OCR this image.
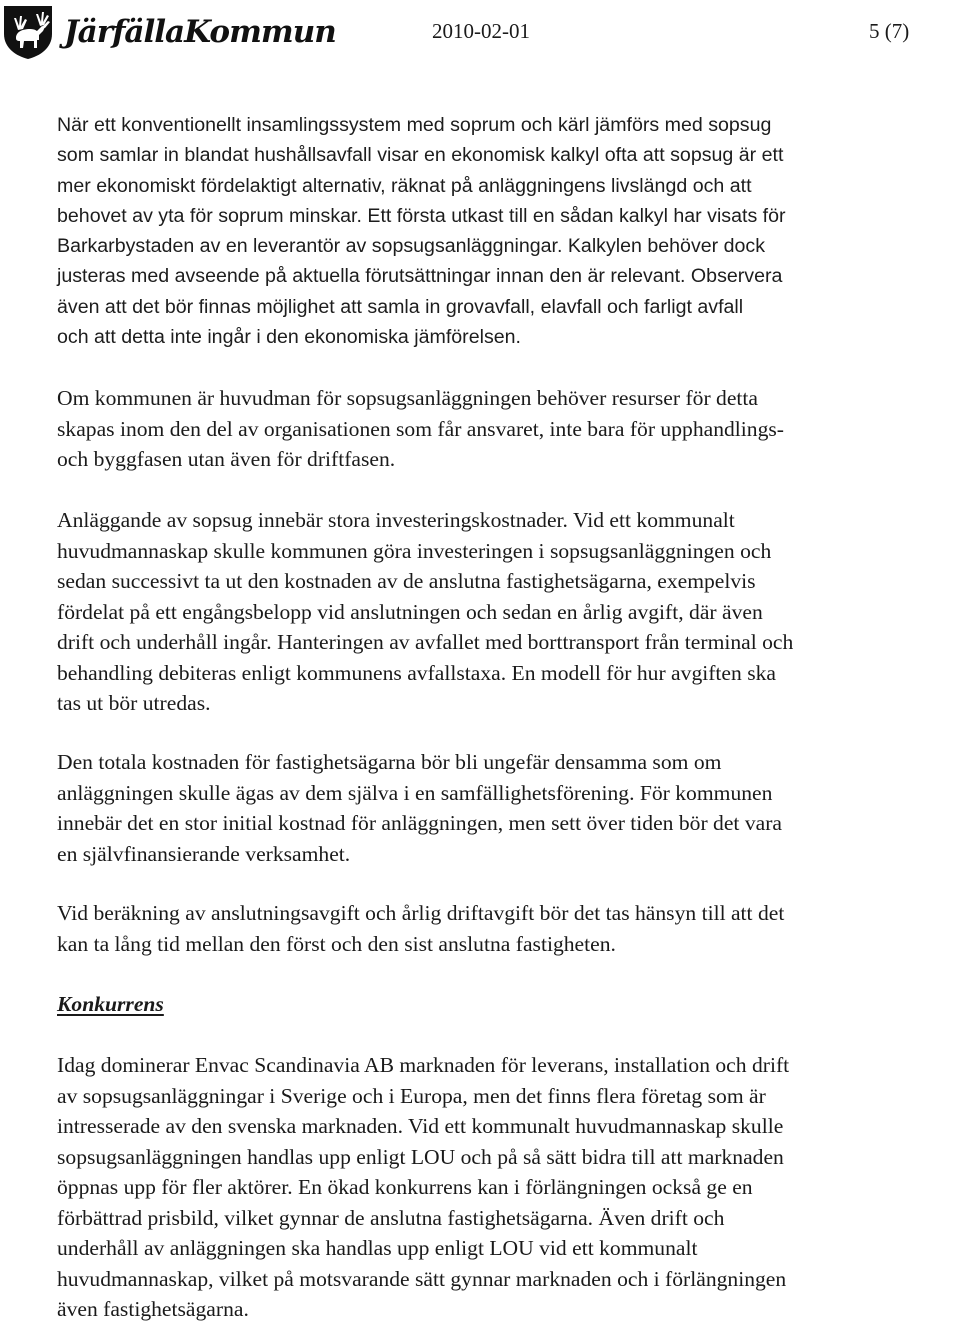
JärfällaKommun	2010-02-01	5 (7)

När ett konventionellt insamlingssystem med soprum och kärl jämförs med sopsug
som samlar in blandat hushållsavfall visar en ekonomisk kalkyl ofta att sopsug är ett
mer ekonomiskt fördelaktigt alternativ, räknat på anläggningens livslängd och att
behovet av yta för soprum minskar. Ett första utkast till en sådan kalkyl har visats för
Barkarbystaden av en leverantör av sopsugsanläggningar. Kalkylen behöver dock
justeras med avseende på aktuella förutsättningar innan den är relevant. Observera
även att det bör finnas möjlighet att samla in grovavfall, elavfall och farligt avfall
och att detta inte ingår i den ekonomiska jämförelsen.

Om kommunen är huvudman för sopsugsanläggningen behöver resurser för detta
skapas inom den del av organisationen som får ansvaret, inte bara för upphandlings-
och byggfasen utan även för driftfasen.

Anläggande av sopsug innebär stora investeringskostnader. Vid ett kommunalt
huvudmannaskap skulle kommunen göra investeringen i sopsugsanläggningen och
sedan successivt ta ut den kostnaden av de anslutna fastighetsägarna, exempelvis
fördelat på ett engångsbelopp vid anslutningen och sedan en årlig avgift, där även
drift och underhåll ingår. Hanteringen av avfallet med borttransport från terminal och
behandling debiteras enligt kommunens avfallstaxa. En modell för hur avgiften ska
tas ut bör utredas.

Den totala kostnaden för fastighetsägarna bör bli ungefär densamma som om
anläggningen skulle ägas av dem själva i en samfällighetsförening. För kommunen
innebär det en stor initial kostnad för anläggningen, men sett över tiden bör det vara
en självfinansierande verksamhet.

Vid beräkning av anslutningsavgift och årlig driftavgift bör det tas hänsyn till att det
kan ta lång tid mellan den först och den sist anslutna fastigheten.

Konkurrens

Idag dominerar Envac Scandinavia AB marknaden för leverans, installation och drift
av sopsugsanläggningar i Sverige och i Europa, men det finns flera företag som är
intresserade av den svenska marknaden. Vid ett kommunalt huvudmannaskap skulle
sopsugsanläggningen handlas upp enligt LOU och på så sätt bidra till att marknaden
öppnas upp för fler aktörer. En ökad konkurrens kan i förlängningen också ge en
förbättrad prisbild, vilket gynnar de anslutna fastighetsägarna. Även drift och
underhåll av anläggningen ska handlas upp enligt LOU vid ett kommunalt
huvudmannaskap, vilket på motsvarande sätt gynnar marknaden och i förlängningen
även fastighetsägarna.
